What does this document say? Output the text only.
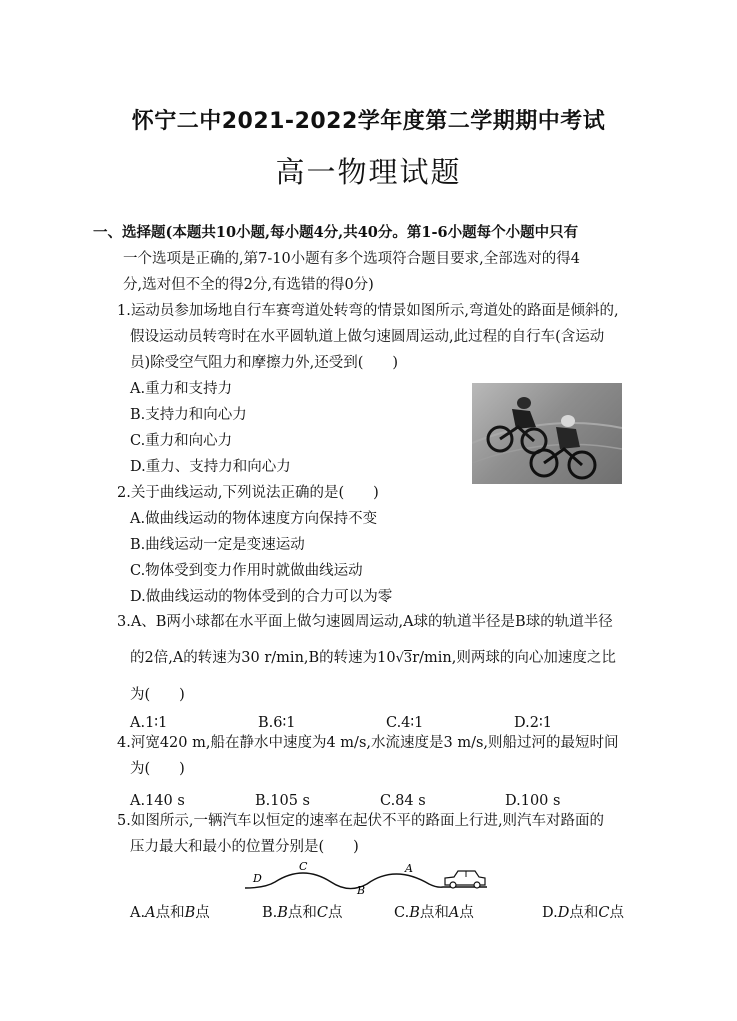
怀宁二中2021-2022学年度第二学期期中考试
高一物理试题
一、选择题(本题共10小题,每小题4分,共40分。第1-6小题每个小题中只有
一个选项是正确的,第7-10小题有多个选项符合题目要求,全部选对的得4
分,选对但不全的得2分,有选错的得0分)
1.运动员参加场地自行车赛弯道处转弯的情景如图所示,弯道处的路面是倾斜的,
假设运动员转弯时在水平圆轨道上做匀速圆周运动,此过程的自行车(含运动
员)除受空气阻力和摩擦力外,还受到(　　)
A.重力和支持力
B.支持力和向心力
C.重力和向心力
D.重力、支持力和向心力
2.关于曲线运动,下列说法正确的是(　　)
A.做曲线运动的物体速度方向保持不变
B.曲线运动一定是变速运动
C.物体受到变力作用时就做曲线运动
D.做曲线运动的物体受到的合力可以为零
3.A、B两小球都在水平面上做匀速圆周运动,A球的轨道半径是B球的轨道半径
的2倍,A的转速为30 r/min,B的转速为10√3r/min,则两球的向心加速度之比
为(　　)
A.1∶1	B.6∶1	C.4∶1	D.2∶1
4.河宽420 m,船在静水中速度为4 m/s,水流速度是3 m/s,则船过河的最短时间
为(　　)
A.140 s	B.105 s	C.84 s	D.100 s
5.如图所示,一辆汽车以恒定的速率在起伏不平的路面上行进,则汽车对路面的
压力最大和最小的位置分别是(　　)
D
C
B
A
A.A点和B点	B.B点和C点	C.B点和A点	D.D点和C点
